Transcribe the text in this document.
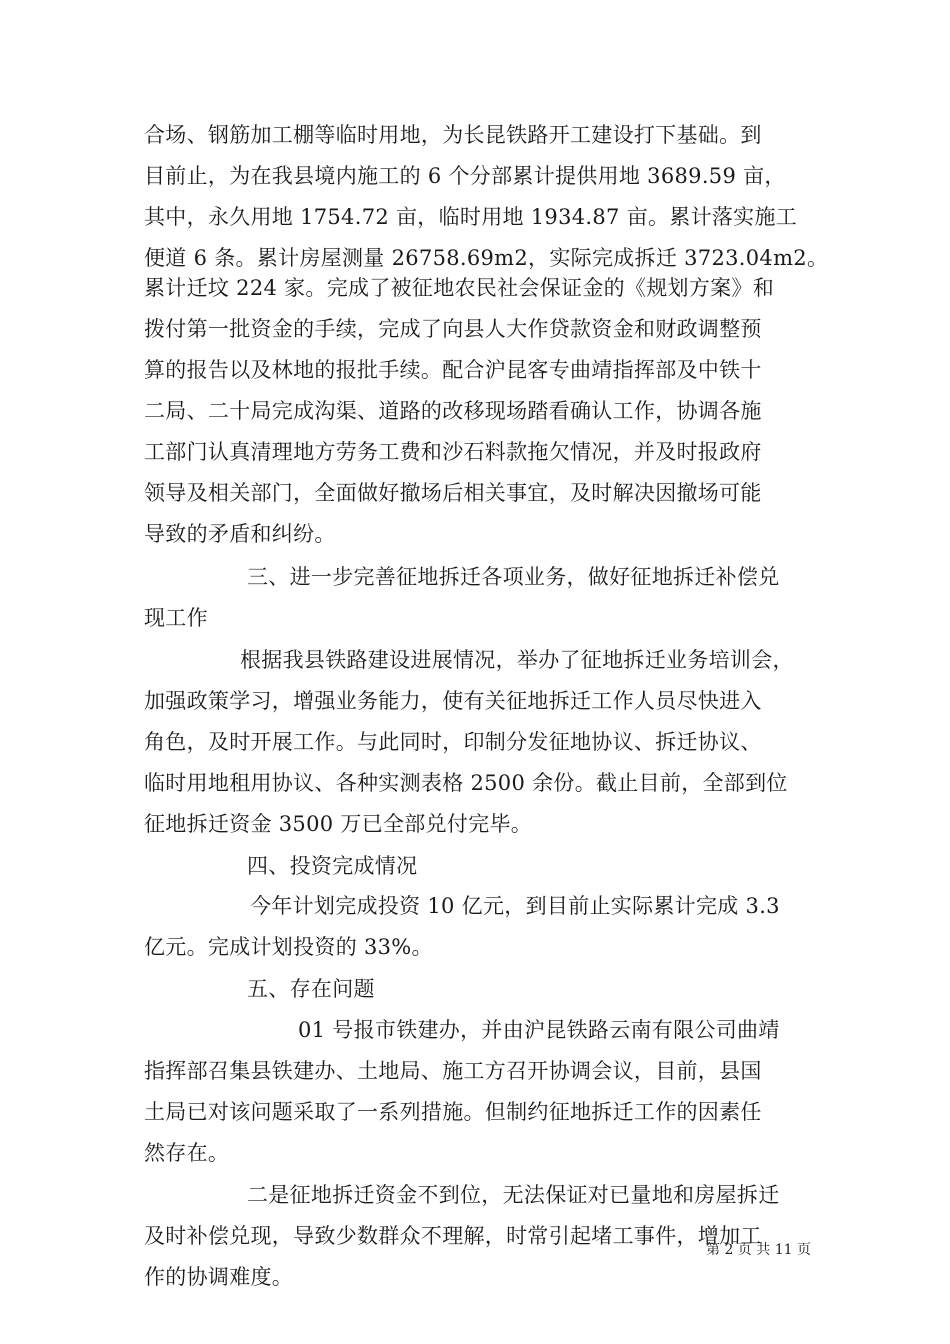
合场、钢筋加工棚等临时用地，为长昆铁路开工建设打下基础。到
目前止，为在我县境内施工的 6 个分部累计提供用地 3689.59 亩，
其中，永久用地 1754.72 亩，临时用地 1934.87 亩。累计落实施工
便道 6 条。累计房屋测量 26758.69m2，实际完成拆迁 3723.04m2。
累计迁坟 224 家。完成了被征地农民社会保证金的《规划方案》和
拨付第一批资金的手续，完成了向县人大作贷款资金和财政调整预
算的报告以及林地的报批手续。配合沪昆客专曲靖指挥部及中铁十
二局、二十局完成沟渠、道路的改移现场踏看确认工作，协调各施
工部门认真清理地方劳务工费和沙石料款拖欠情况，并及时报政府
领导及相关部门，全面做好撤场后相关事宜，及时解决因撤场可能
导致的矛盾和纠纷。
三、进一步完善征地拆迁各项业务，做好征地拆迁补偿兑
现工作
根据我县铁路建设进展情况，举办了征地拆迁业务培训会，
加强政策学习，增强业务能力，使有关征地拆迁工作人员尽快进入
角色，及时开展工作。与此同时，印制分发征地协议、拆迁协议、
临时用地租用协议、各种实测表格 2500 余份。截止目前，全部到位
征地拆迁资金 3500 万已全部兑付完毕。
四、投资完成情况
今年计划完成投资 10 亿元，到目前止实际累计完成 3.3
亿元。完成计划投资的 33%。
五、存在问题
01 号报市铁建办，并由沪昆铁路云南有限公司曲靖
指挥部召集县铁建办、土地局、施工方召开协调会议，目前，县国
土局已对该问题采取了一系列措施。但制约征地拆迁工作的因素任
然存在。
二是征地拆迁资金不到位，无法保证对已量地和房屋拆迁
及时补偿兑现，导致少数群众不理解，时常引起堵工事件，增加工
作的协调难度。
第 2 页 共 11 页
